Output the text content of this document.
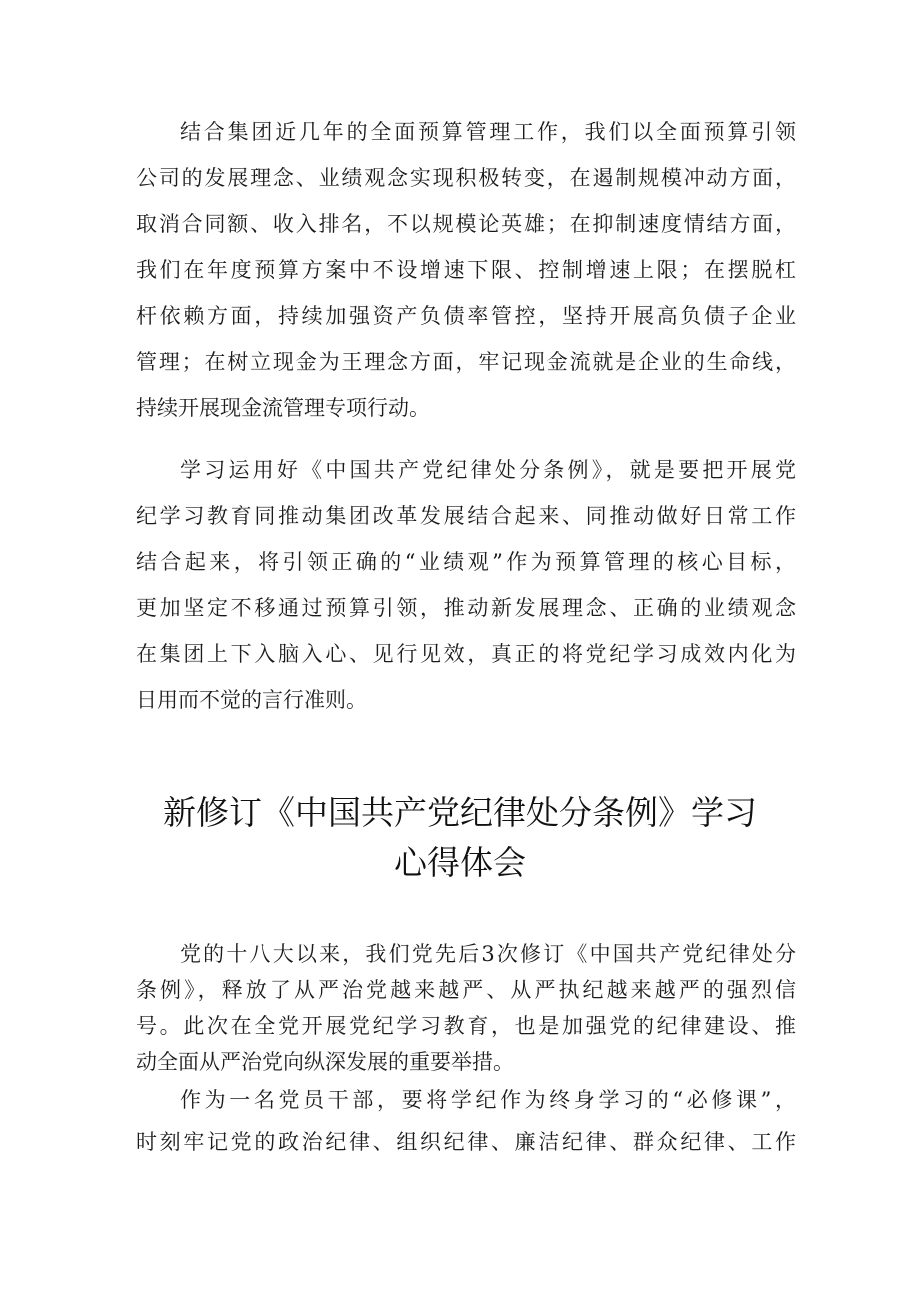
结合集团近几年的全面预算管理工作，我们以全面预算引领
公司的发展理念、业绩观念实现积极转变，在遏制规模冲动方面，
取消合同额、收入排名，不以规模论英雄；在抑制速度情结方面，
我们在年度预算方案中不设增速下限、控制增速上限；在摆脱杠
杆依赖方面，持续加强资产负债率管控，坚持开展高负债子企业
管理；在树立现金为王理念方面，牢记现金流就是企业的生命线，
持续开展现金流管理专项行动。
学习运用好《中国共产党纪律处分条例》，就是要把开展党
纪学习教育同推动集团改革发展结合起来、同推动做好日常工作
结合起来，将引领正确的“业绩观”作为预算管理的核心目标，
更加坚定不移通过预算引领，推动新发展理念、正确的业绩观念
在集团上下入脑入心、见行见效，真正的将党纪学习成效内化为
日用而不觉的言行准则。
新修订《中国共产党纪律处分条例》学习
心得体会
党的十八大以来，我们党先后3次修订《中国共产党纪律处分
条例》，释放了从严治党越来越严、从严执纪越来越严的强烈信
号。此次在全党开展党纪学习教育，也是加强党的纪律建设、推
动全面从严治党向纵深发展的重要举措。
作为一名党员干部，要将学纪作为终身学习的“必修课”，
时刻牢记党的政治纪律、组织纪律、廉洁纪律、群众纪律、工作
